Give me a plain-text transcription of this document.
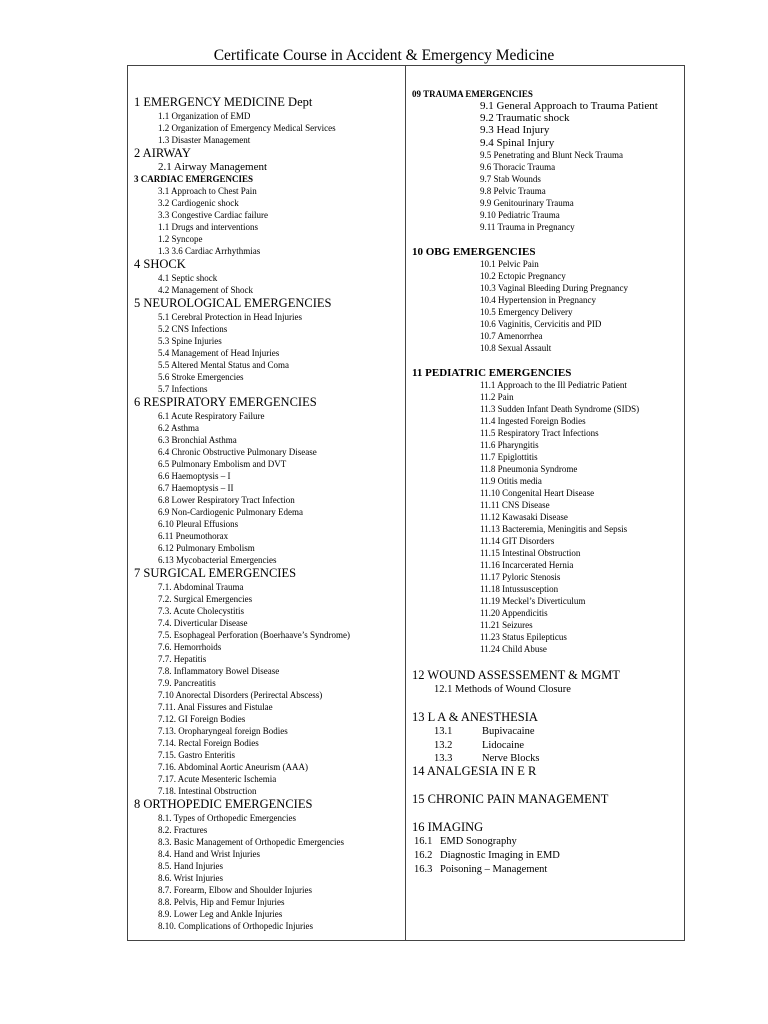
Certificate Course in Accident & Emergency Medicine
1 EMERGENCY MEDICINE Dept
1.1 Organization of EMD
1.2 Organization of Emergency Medical Services
1.3 Disaster Management
2 AIRWAY
2.1 Airway Management
3 CARDIAC EMERGENCIES
3.1 Approach to Chest Pain
3.2 Cardiogenic shock
3.3 Congestive Cardiac failure
1.1 Drugs and interventions
1.2 Syncope
1.3 3.6 Cardiac Arrhythmias
4 SHOCK
4.1 Septic shock
4.2 Management of Shock
5 NEUROLOGICAL EMERGENCIES
5.1 Cerebral Protection in Head Injuries
5.2 CNS Infections
5.3 Spine Injuries
5.4 Management of Head Injuries
5.5 Altered Mental Status and Coma
5.6 Stroke Emergencies
5.7 Infections
6 RESPIRATORY EMERGENCIES
6.1 Acute Respiratory Failure
6.2 Asthma
6.3 Bronchial Asthma
6.4 Chronic Obstructive Pulmonary Disease
6.5 Pulmonary Embolism and DVT
6.6 Haemoptysis – I
6.7 Haemoptysis – II
6.8 Lower Respiratory Tract Infection
6.9 Non-Cardiogenic Pulmonary Edema
6.10 Pleural Effusions
6.11 Pneumothorax
6.12 Pulmonary Embolism
6.13 Mycobacterial Emergencies
7 SURGICAL EMERGENCIES
7.1. Abdominal Trauma
7.2. Surgical Emergencies
7.3. Acute Cholecystitis
7.4. Diverticular Disease
7.5. Esophageal Perforation (Boerhaave’s Syndrome)
7.6. Hemorrhoids
7.7. Hepatitis
7.8. Inflammatory Bowel Disease
7.9. Pancreatitis
7.10 Anorectal Disorders (Perirectal Abscess)
7.11. Anal Fissures and Fistulae
7.12. GI Foreign Bodies
7.13. Oropharyngeal foreign Bodies
7.14. Rectal Foreign Bodies
7.15. Gastro Enteritis
7.16. Abdominal Aortic Aneurism (AAA)
7.17. Acute Mesenteric Ischemia
7.18. Intestinal Obstruction
8 ORTHOPEDIC EMERGENCIES
8.1. Types of Orthopedic Emergencies
8.2. Fractures
8.3. Basic Management of Orthopedic Emergencies
8.4. Hand and Wrist Injuries
8.5. Hand Injuries
8.6. Wrist Injuries
8.7. Forearm, Elbow and Shoulder Injuries
8.8. Pelvis, Hip and Femur Injuries
8.9. Lower Leg and Ankle Injuries
8.10. Complications of Orthopedic Injuries
09 TRAUMA EMERGENCIES
9.1 General Approach to Trauma Patient
9.2 Traumatic shock
9.3 Head Injury
9.4 Spinal Injury
9.5 Penetrating and Blunt Neck Trauma
9.6 Thoracic Trauma
9.7 Stab Wounds
9.8 Pelvic Trauma
9.9 Genitourinary Trauma
9.10 Pediatric Trauma
9.11 Trauma in Pregnancy
10 OBG EMERGENCIES
10.1 Pelvic Pain
10.2 Ectopic Pregnancy
10.3 Vaginal Bleeding During Pregnancy
10.4 Hypertension in Pregnancy
10.5 Emergency Delivery
10.6 Vaginitis, Cervicitis and PID
10.7 Amenorrhea
10.8 Sexual Assault
11 PEDIATRIC EMERGENCIES
11.1 Approach to the Ill Pediatric Patient
11.2 Pain
11.3 Sudden Infant Death Syndrome (SIDS)
11.4 Ingested Foreign Bodies
11.5 Respiratory Tract Infections
11.6 Pharyngitis
11.7 Epiglottitis
11.8 Pneumonia Syndrome
11.9 Otitis media
11.10 Congenital Heart Disease
11.11 CNS Disease
11.12 Kawasaki Disease
11.13 Bacteremia, Meningitis and Sepsis
11.14 GIT Disorders
11.15 Intestinal Obstruction
11.16 Incarcerated Hernia
11.17 Pyloric Stenosis
11.18 Intussusception
11.19 Meckel’s Diverticulum
11.20 Appendicitis
11.21 Seizures
11.23 Status Epilepticus
11.24 Child Abuse
12 WOUND ASSESSEMENT & MGMT
12.1 Methods of Wound Closure
13 L A & ANESTHESIA
13.1	Bupivacaine
13.2	Lidocaine
13.3	Nerve Blocks
14 ANALGESIA IN E R
15 CHRONIC PAIN MANAGEMENT
16 IMAGING
16.1 EMD Sonography
16.2 Diagnostic Imaging in EMD
16.3 Poisoning – Management
